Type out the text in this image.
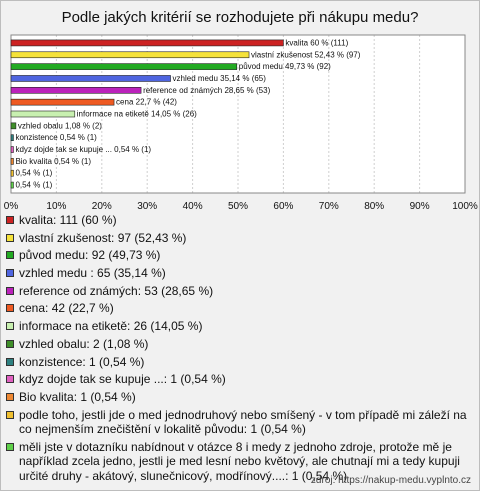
Podle jakých kritérií se rozhodujete při nákupu medu?
0%	10%	20%	30%	40%	50%	60%	70%	80%	90% 100%
kvalita 60 % (111)
vlastní zkušenost 52,43 % (97)
původ medu 49,73 % (92)
vzhled medu 35,14 % (65)
reference od známých 28,65 % (53)
cena 22,7 % (42)
informace na etiketě 14,05 % (26)
vzhled obalu 1,08 % (2)
konzistence 0,54 % (1)
kdyz dojde tak se kupuje ... 0,54 % (1)
Bio kvalita 0,54 % (1)
0,54 % (1)
0,54 % (1)
kvalita: 111 (60 %)
vlastní zkušenost: 97 (52,43 %)
původ medu: 92 (49,73 %)
vzhled medu : 65 (35,14 %)
reference od známých: 53 (28,65 %)
cena: 42 (22,7 %)
informace na etiketě: 26 (14,05 %)
vzhled obalu: 2 (1,08 %)
konzistence: 1 (0,54 %)
kdyz dojde tak se kupuje ...: 1 (0,54 %)
Bio kvalita: 1 (0,54 %)
podle toho, jestli jde o med jednodruhový nebo smíšený - v tom případě mi záleží na co nejmenším znečištění v lokalitě původu: 1 (0,54 %)
měli jste v dotazníku nabídnout v otázce 8 i medy z jednoho zdroje, protože mě je například zcela jedno, jestli je med lesní nebo květový, ale chutnají mi a tedy kupuji určité druhy - akátový, slunečnicový, modřínový....: 1 (0,54 %)
zdroj: https://nakup-medu.vyplnto.cz
